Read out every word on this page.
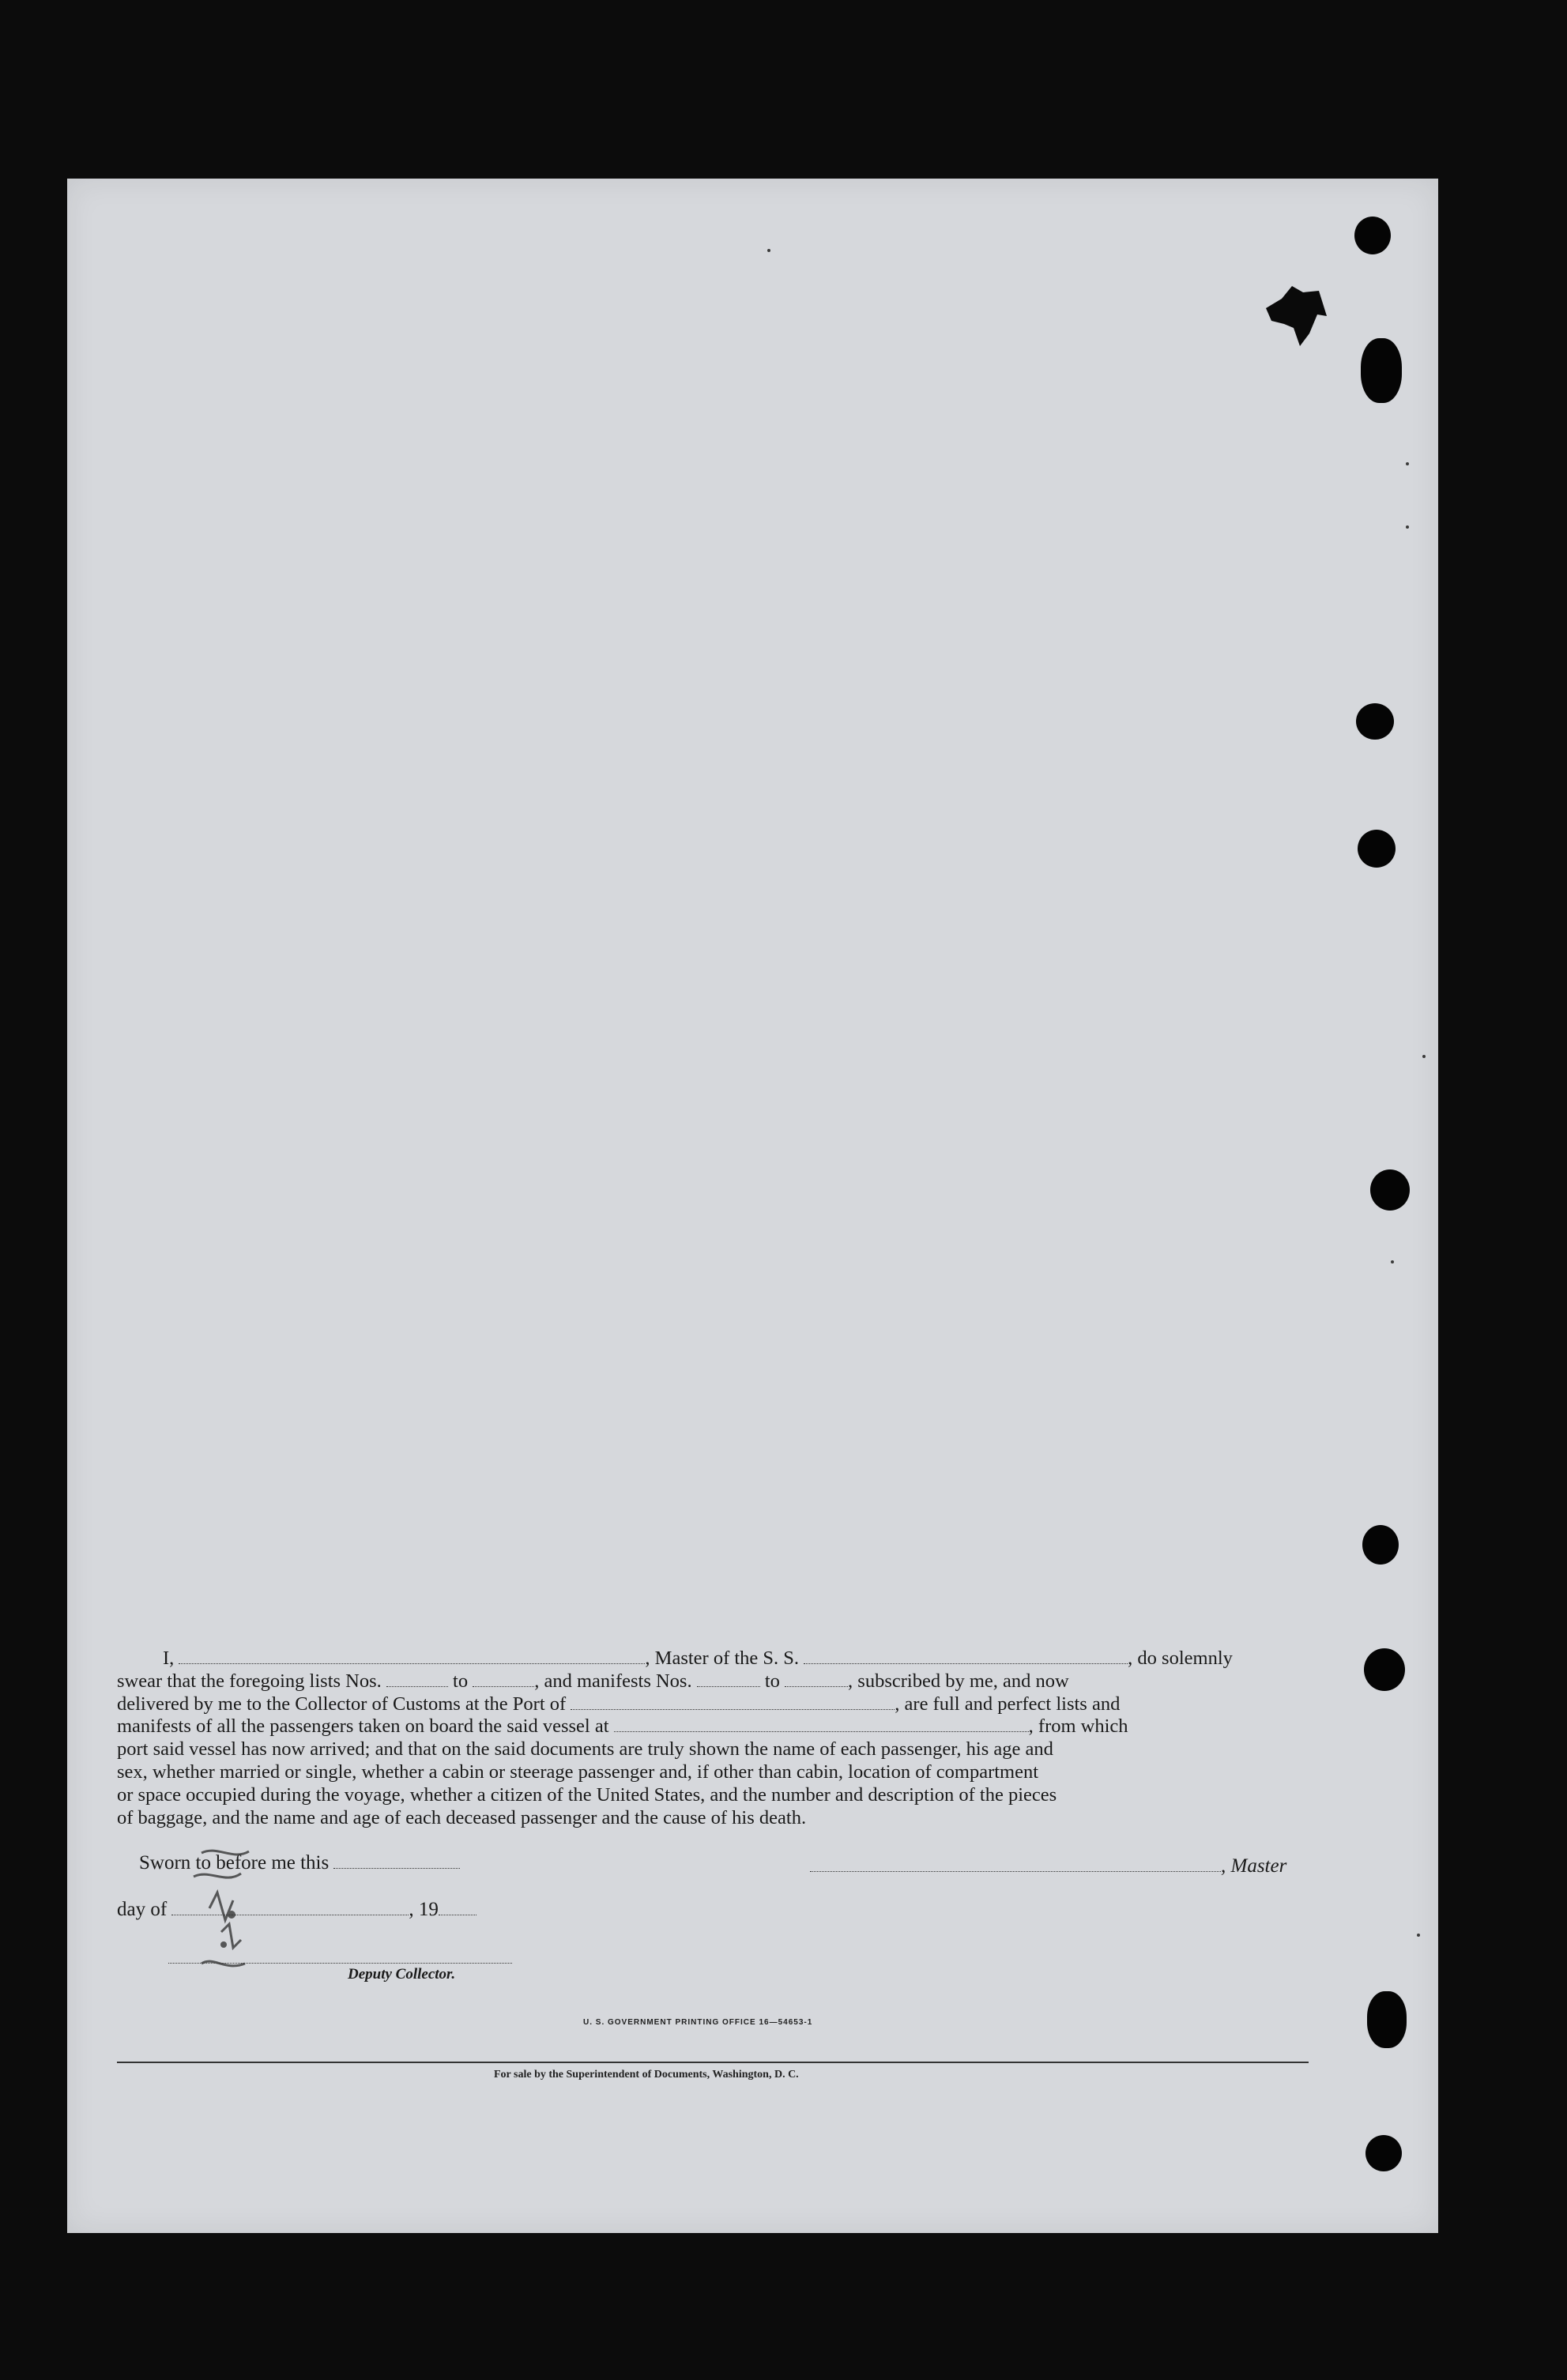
I,	, Master of the S. S.	, do solemnly
swear that the foregoing lists Nos.	to	, and manifests Nos.	to	, subscribed by me, and now
delivered by me to the Collector of Customs at the Port of	, are full and perfect lists and
manifests of all the passengers taken on board the said vessel at	, from which
port said vessel has now arrived; and that on the said documents are truly shown the name of each passenger, his age and
sex, whether married or single, whether a cabin or steerage passenger and, if other than cabin, location of compartment
or space occupied during the voyage, whether a citizen of the United States, and the number and description of the pieces
of baggage, and the name and age of each deceased passenger and the cause of his death.
Sworn to before me this	, Master
day of	, 19
Deputy Collector.
U. S. GOVERNMENT PRINTING OFFICE 16—54653-1
For sale by the Superintendent of Documents, Washington, D. C.
